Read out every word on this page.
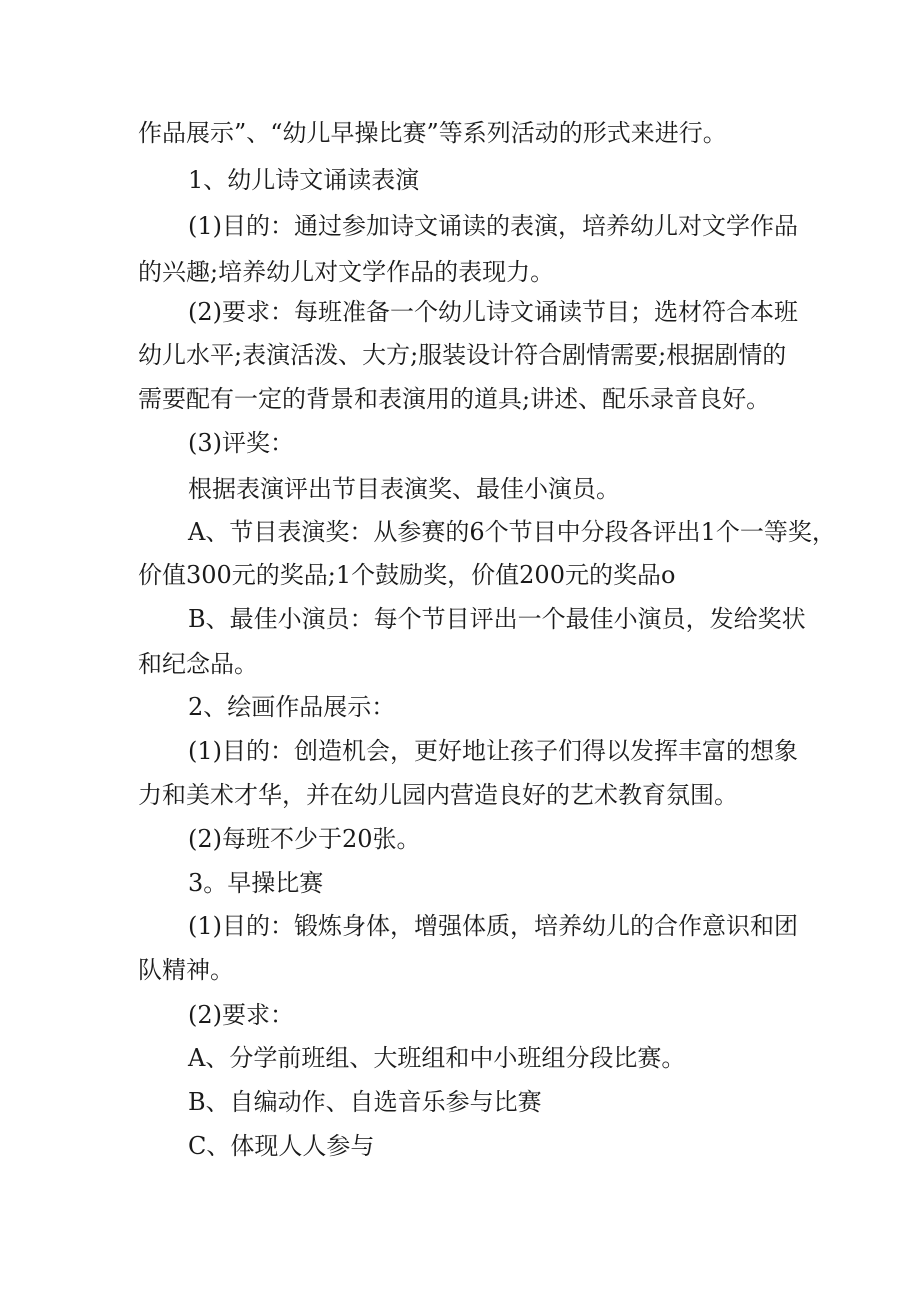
作品展示”、“幼儿早操比赛”等系列活动的形式来进行。

1、幼儿诗文诵读表演

(1)目的：通过参加诗文诵读的表演，培养幼儿对文学作品

的兴趣;培养幼儿对文学作品的表现力。

(2)要求：每班准备一个幼儿诗文诵读节目；选材符合本班

幼儿水平;表演活泼、大方;服装设计符合剧情需要;根据剧情的

需要配有一定的背景和表演用的道具;讲述、配乐录音良好。

(3)评奖：

根据表演评出节目表演奖、最佳小演员。

A、节目表演奖：从参赛的6个节目中分段各评出1个一等奖，

价值300元的奖品;1个鼓励奖，价值200元的奖品o

B、最佳小演员：每个节目评出一个最佳小演员，发给奖状

和纪念品。

2、绘画作品展示：

(1)目的：创造机会，更好地让孩子们得以发挥丰富的想象

力和美术才华，并在幼儿园内营造良好的艺术教育氛围。

(2)每班不少于20张。

3。早操比赛

(1)目的：锻炼身体，增强体质，培养幼儿的合作意识和团

队精神。

(2)要求：

A、分学前班组、大班组和中小班组分段比赛。

B、自编动作、自选音乐参与比赛

C、体现人人参与
